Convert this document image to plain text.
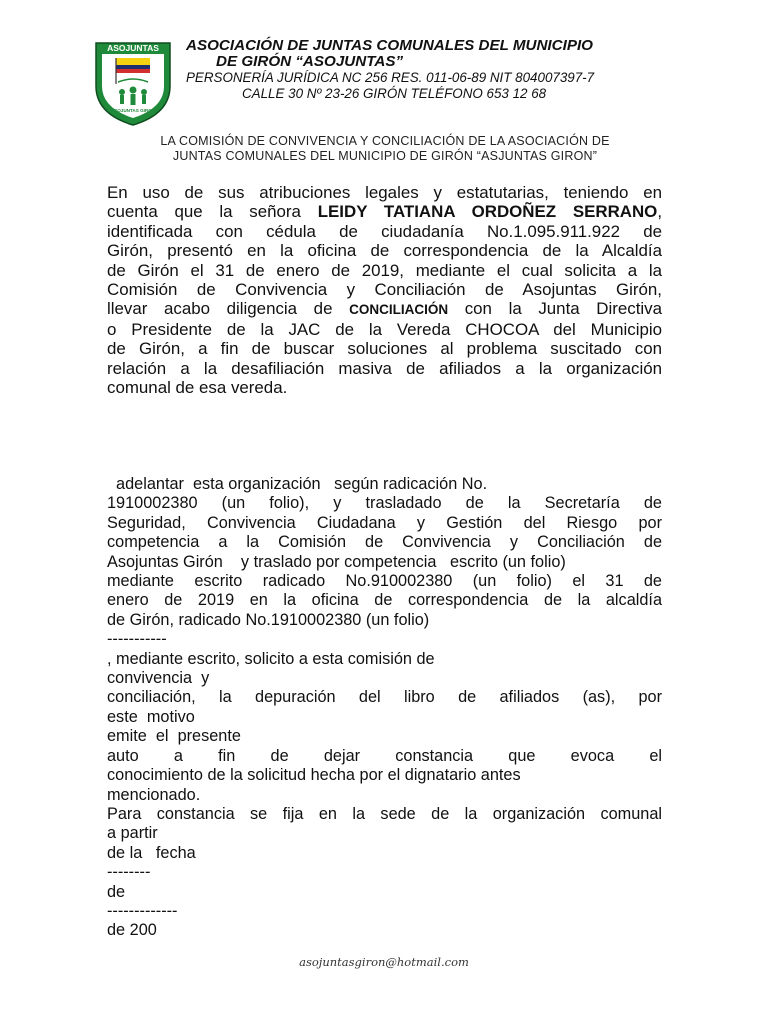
ASOJUNTAS
ASOJUNTAS GIRON

ASOCIACIÓN DE JUNTAS COMUNALES DEL MUNICIPIO

DE GIRÓN “ASOJUNTAS”

PERSONERÍA JURÍDICA NC 256 RES. 011-06-89 NIT 804007397-7

CALLE 30 Nº 23-26 GIRÓN TELÉFONO 653 12 68

LA COMISIÓN DE CONVIVENCIA Y CONCILIACIÓN DE LA ASOCIACIÓN DE
JUNTAS COMUNALES DEL MUNICIPIO DE GIRÓN “ASJUNTAS GIRON”
En uso de sus atribuciones legales y estatutarias, teniendo en
cuenta que la señora LEIDY TATIANA ORDOÑEZ SERRANO,
identificada con cédula de ciudadanía No.1.095.911.922 de
Girón, presentó en la oficina de correspondencia de la Alcaldía
de Girón el 31 de enero de 2019, mediante el cual solicita a la
Comisión de Convivencia y Conciliación de Asojuntas Girón,
llevar acabo diligencia de CONCILIACIÓN con la Junta Directiva
o Presidente de la JAC de la Vereda CHOCOA del Municipio
de Girón, a fin de buscar soluciones al problema suscitado con
relación a la desafiliación masiva de afiliados a la organización
comunal de esa vereda.
adelantar  esta organización   según radicación No.
1910002380 (un folio), y trasladado de la Secretaría de
Seguridad, Convivencia Ciudadana y Gestión del Riesgo por
competencia a la Comisión de Convivencia y Conciliación de
Asojuntas Girón    y traslado por competencia   escrito (un folio)
mediante escrito radicado No.910002380 (un folio) el 31 de
enero de 2019 en la oficina de correspondencia de la alcaldía
de Girón, radicado No.1910002380 (un folio)
-----------
, mediante escrito, solicito a esta comisión de
convivencia  y
conciliación, la depuración del libro de afiliados (as), por
este  motivo
emite  el  presente
auto a fin de dejar constancia que evoca el
conocimiento de la solicitud hecha por el dignatario antes
mencionado.
Para constancia se fija en la sede de la organización comunal
a partir
de la   fecha
--------
de
-------------
de 200
asojuntasgiron@hotmail.com
